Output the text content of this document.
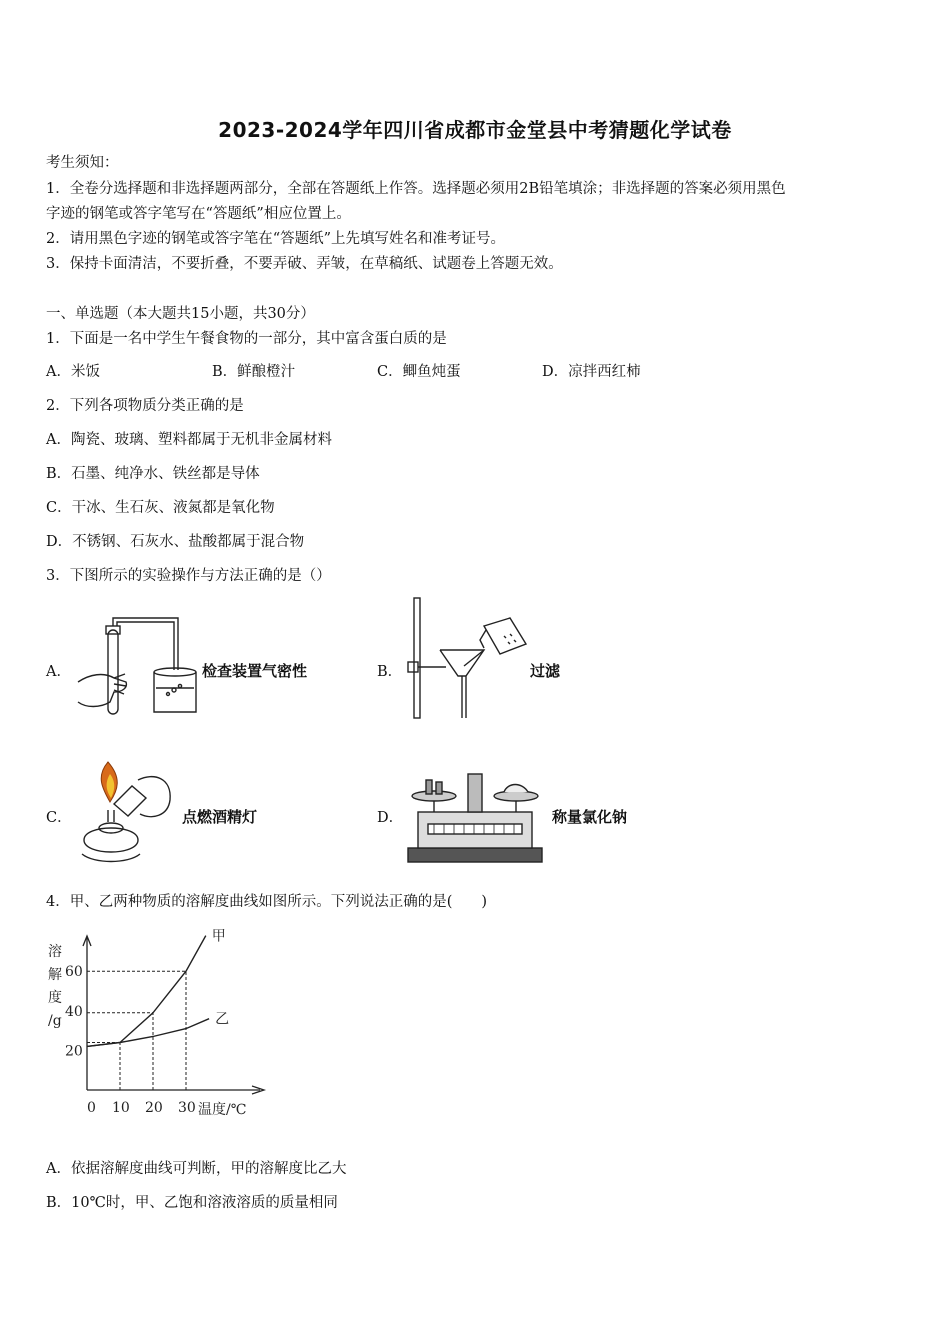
2023-2024学年四川省成都市金堂县中考猜题化学试卷
考生须知：
1．全卷分选择题和非选择题两部分，全部在答题纸上作答。选择题必须用2B铅笔填涂；非选择题的答案必须用黑色
字迹的钢笔或答字笔写在“答题纸”相应位置上。
2．请用黑色字迹的钢笔或答字笔在“答题纸”上先填写姓名和准考证号。
3．保持卡面清洁，不要折叠，不要弄破、弄皱，在草稿纸、试题卷上答题无效。
一、单选题（本大题共15小题，共30分）
1．下面是一名中学生午餐食物的一部分，其中富含蛋白质的是
A．米饭	B．鲜酿橙汁	C．鲫鱼炖蛋	D．凉拌西红柿
2．下列各项物质分类正确的是
A．陶瓷、玻璃、塑料都属于无机非金属材料
B．石墨、纯净水、铁丝都是导体
C．干冰、生石灰、液氮都是氧化物
D．不锈钢、石灰水、盐酸都属于混合物
3．下图所示的实验操作与方法正确的是（）
A．	检查装置气密性	B．	过滤
C．	点燃酒精灯	D．	称量氯化钠
4．甲、乙两种物质的溶解度曲线如图所示。下列说法正确的是(　　)
甲
乙
0 10 20 30
20
40
60
溶
解
度
/g
温度/℃
A．依据溶解度曲线可判断，甲的溶解度比乙大
B．10℃时，甲、乙饱和溶液溶质的质量相同
